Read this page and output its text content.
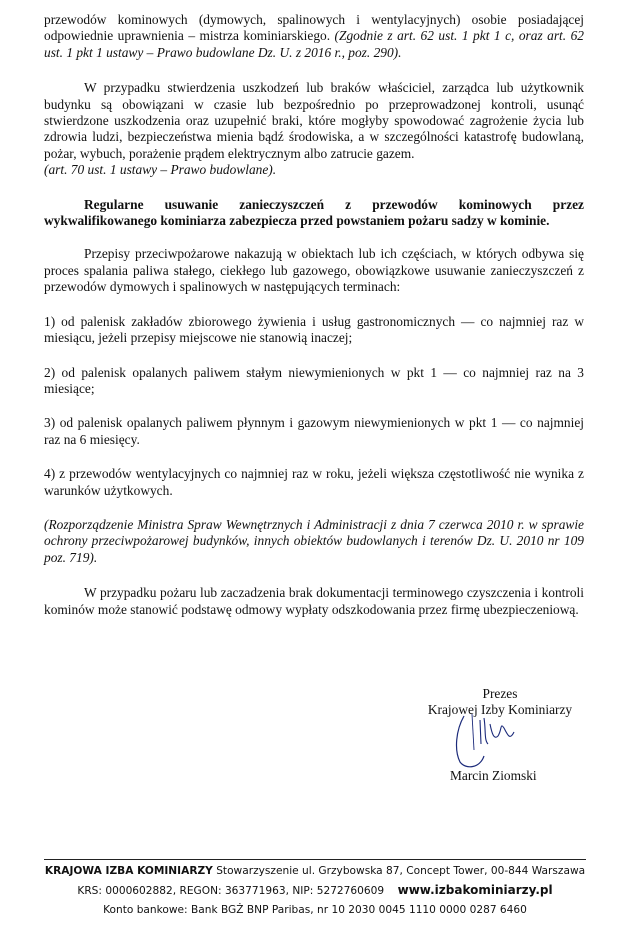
przewodów kominowych (dymowych, spalinowych i wentylacyjnych) osobie posiadającej odpowiednie uprawnienia – mistrza kominiarskiego. (Zgodnie z art. 62 ust. 1 pkt 1 c, oraz art. 62 ust. 1 pkt 1 ustawy – Prawo budowlane Dz. U. z 2016 r., poz. 290).

W przypadku stwierdzenia uszkodzeń lub braków właściciel, zarządca lub użytkownik budynku są obowiązani w czasie lub bezpośrednio po przeprowadzonej kontroli, usunąć stwierdzone uszkodzenia oraz uzupełnić braki, które mogłyby spowodować zagrożenie życia lub zdrowia ludzi, bezpieczeństwa mienia bądź środowiska, a w szczególności katastrofę budowlaną, pożar, wybuch, porażenie prądem elektrycznym albo zatrucie gazem.

(art. 70 ust. 1 ustawy – Prawo budowlane).

Regularne usuwanie zanieczyszczeń z przewodów kominowych przez wykwalifikowanego kominiarza zabezpiecza przed powstaniem pożaru sadzy w kominie.

Przepisy przeciwpożarowe nakazują w obiektach lub ich częściach, w których odbywa się proces spalania paliwa stałego, ciekłego lub gazowego, obowiązkowe usuwanie zanieczyszczeń z przewodów dymowych i spalinowych w następujących terminach:

1) od palenisk zakładów zbiorowego żywienia i usług gastronomicznych — co najmniej raz w miesiącu, jeżeli przepisy miejscowe nie stanowią inaczej;

2) od palenisk opalanych paliwem stałym niewymienionych w pkt 1 — co najmniej raz na 3 miesiące;

3) od palenisk opalanych paliwem płynnym i gazowym niewymienionych w pkt 1 — co najmniej raz na 6 miesięcy.

4) z przewodów wentylacyjnych co najmniej raz w roku, jeżeli większa częstotliwość nie wynika z warunków użytkowych.

(Rozporządzenie Ministra Spraw Wewnętrznych i Administracji z dnia 7 czerwca 2010 r. w sprawie ochrony przeciwpożarowej budynków, innych obiektów budowlanych i terenów Dz. U. 2010 nr 109 poz. 719).

W przypadku pożaru lub zaczadzenia brak dokumentacji terminowego czyszczenia i kontroli kominów może stanowić podstawę odmowy wypłaty odszkodowania przez firmę ubezpieczeniową.

Prezes
Krajowej Izby Kominiarzy
Marcin Ziomski
KRAJOWA IZBA KOMINIARZY Stowarzyszenie ul. Grzybowska 87, Concept Tower, 00-844 Warszawa
KRS: 0000602882, REGON: 363771963, NIP: 5272760609 www.izbakominiarzy.pl
Konto bankowe: Bank BGŻ BNP Paribas, nr 10 2030 0045 1110 0000 0287 6460
